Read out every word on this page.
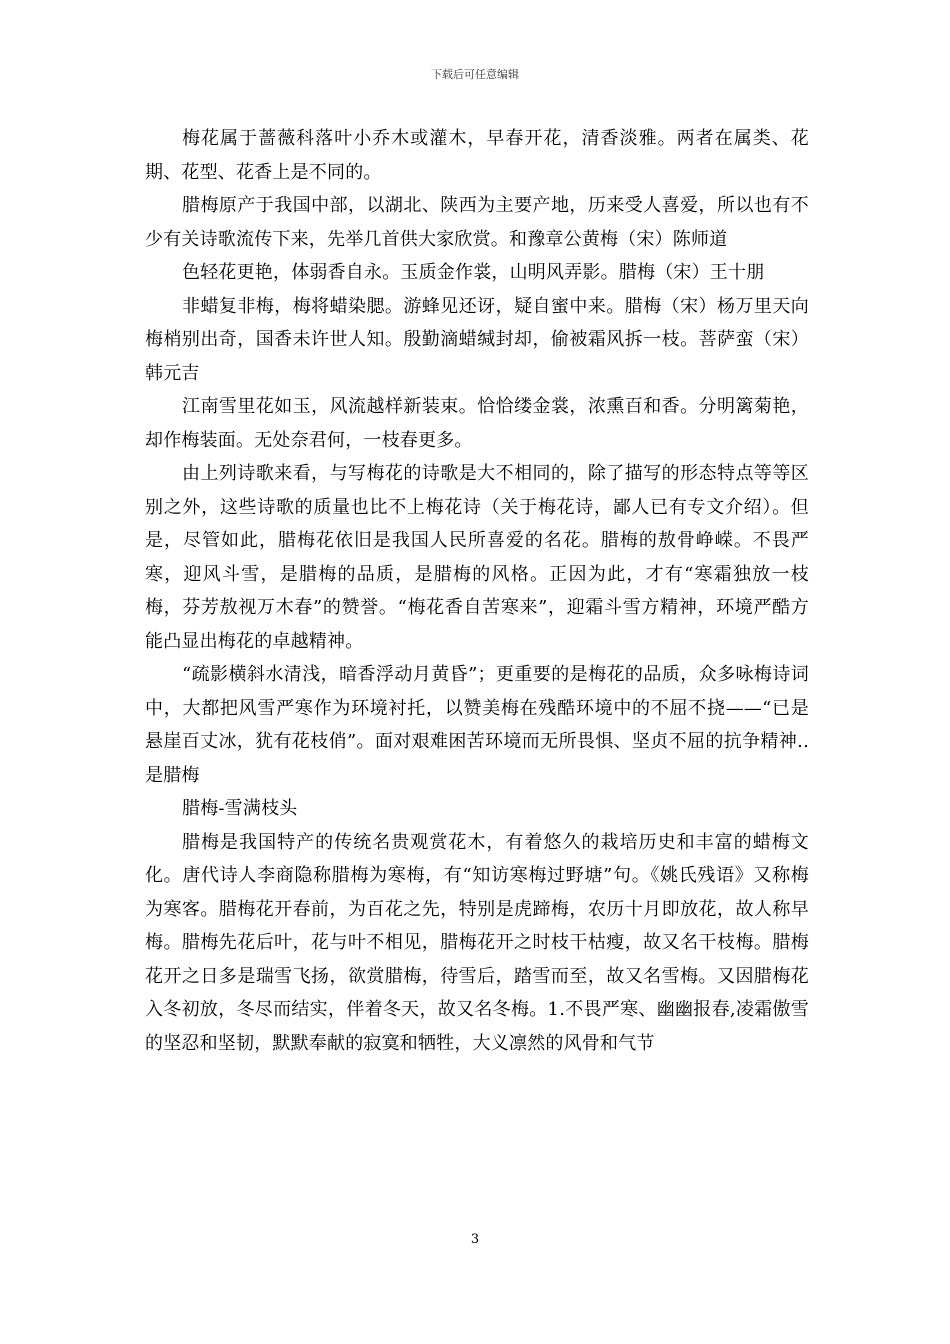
下载后可任意编辑

梅花属于蔷薇科落叶小乔木或灌木，早春开花，清香淡雅。两者在属类、花期、花型、花香上是不同的。

腊梅原产于我国中部，以湖北、陕西为主要产地，历来受人喜爱，所以也有不少有关诗歌流传下来，先举几首供大家欣赏。和豫章公黄梅（宋）陈师道

色轻花更艳，体弱香自永。玉质金作裳，山明风弄影。腊梅（宋）王十朋

非蜡复非梅，梅将蜡染腮。游蜂见还讶，疑自蜜中来。腊梅（宋）杨万里天向梅梢别出奇，国香未许世人知。殷勤滴蜡缄封却，偷被霜风拆一枝。菩萨蛮（宋）韩元吉

江南雪里花如玉，风流越样新装束。恰恰缕金裳，浓熏百和香。分明篱菊艳，却作梅装面。无处奈君何，一枝春更多。

由上列诗歌来看，与写梅花的诗歌是大不相同的，除了描写的形态特点等等区别之外，这些诗歌的质量也比不上梅花诗（关于梅花诗，鄙人已有专文介绍）。但是，尽管如此，腊梅花依旧是我国人民所喜爱的名花。腊梅的敖骨峥嵘。不畏严寒，迎风斗雪，是腊梅的品质，是腊梅的风格。正因为此，才有“寒霜独放一枝梅，芬芳敖视万木春”的赞誉。“梅花香自苦寒来”，迎霜斗雪方精神，环境严酷方能凸显出梅花的卓越精神。

“疏影横斜水清浅，暗香浮动月黄昏”；更重要的是梅花的品质，众多咏梅诗词中，大都把风雪严寒作为环境衬托，以赞美梅在残酷环境中的不屈不挠——“已是悬崖百丈冰，犹有花枝俏”。面对艰难困苦环境而无所畏惧、坚贞不屈的抗争精神..是腊梅

腊梅-雪满枝头

腊梅是我国特产的传统名贵观赏花木，有着悠久的栽培历史和丰富的蜡梅文化。唐代诗人李商隐称腊梅为寒梅，有“知访寒梅过野塘”句。《姚氏残语》又称梅为寒客。腊梅花开春前，为百花之先，特别是虎蹄梅，农历十月即放花，故人称早梅。腊梅先花后叶，花与叶不相见，腊梅花开之时枝干枯瘦，故又名干枝梅。腊梅花开之日多是瑞雪飞扬，欲赏腊梅，待雪后，踏雪而至，故又名雪梅。又因腊梅花入冬初放，冬尽而结实，伴着冬天，故又名冬梅。1.不畏严寒、幽幽报春,凌霜傲雪的坚忍和坚韧，默默奉献的寂寞和牺牲，大义凛然的风骨和气节

3
